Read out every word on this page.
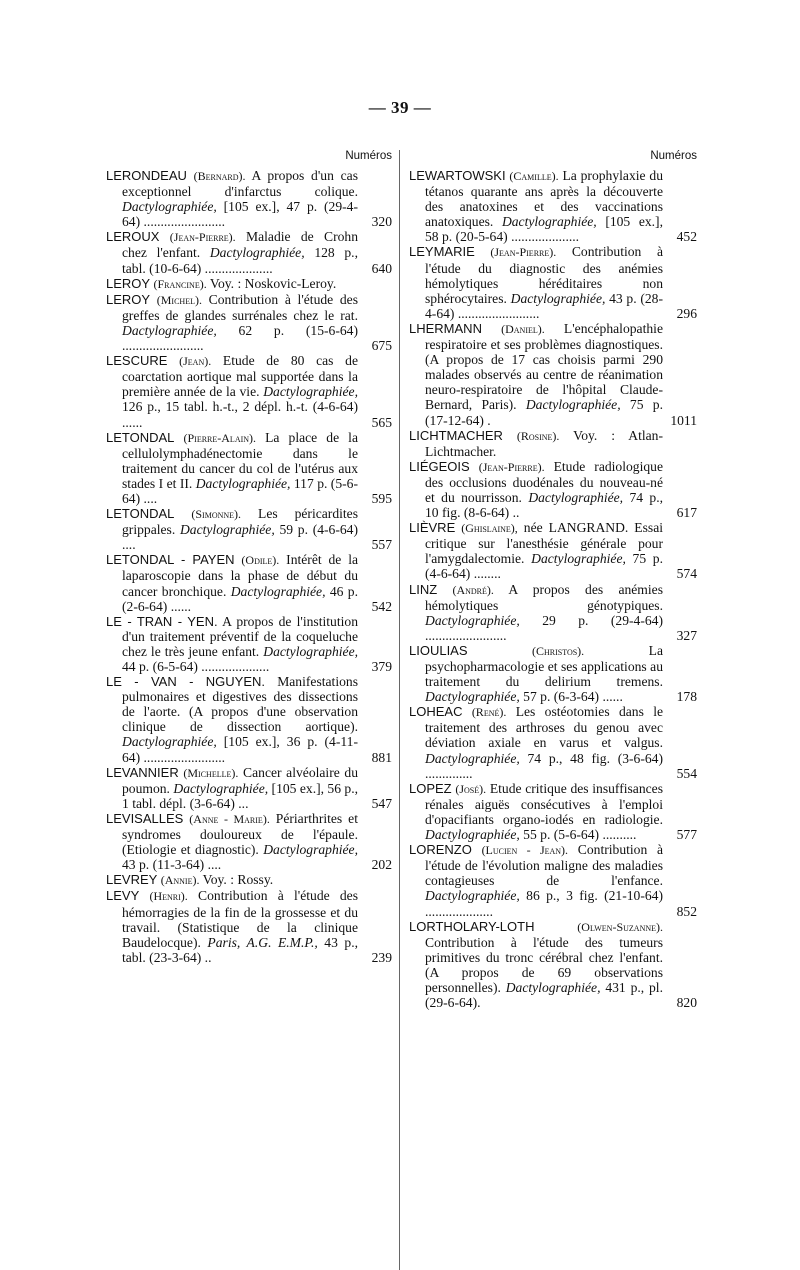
— 39 —
Numéros
LERONDEAU (Bernard). A propos d'un cas exceptionnel d'infarctus colique. Dactylographiée, [105 ex.], 47 p. (29-4-64) ........................	320
LEROUX (Jean-Pierre). Maladie de Crohn chez l'enfant. Dactylographiée, 128 p., tabl. (10-6-64) ....................	640
LEROY (Francine). Voy. : Noskovic-Leroy.
LEROY (Michel). Contribution à l'étude des greffes de glandes surrénales chez le rat. Dactylographiée, 62 p. (15-6-64) ........................	675
LESCURE (Jean). Etude de 80 cas de coarctation aortique mal supportée dans la première année de la vie. Dactylographiée, 126 p., 15 tabl. h.-t., 2 dépl. h.-t. (4-6-64) ......	565
LETONDAL (Pierre-Alain). La place de la cellulolymphadénectomie dans le traitement du cancer du col de l'utérus aux stades I et II. Dactylographiée, 117 p. (5-6-64) ....	595
LETONDAL (Simonne). Les péricardites grippales. Dactylographiée, 59 p. (4-6-64) ....	557
LETONDAL - PAYEN (Odile). Intérêt de la laparoscopie dans la phase de début du cancer bronchique. Dactylographiée, 46 p. (2-6-64) ......	542
LE - TRAN - YEN. A propos de l'institution d'un traitement préventif de la coqueluche chez le très jeune enfant. Dactylographiée, 44 p. (6-5-64) ....................	379
LE - VAN - NGUYEN. Manifestations pulmonaires et digestives des dissections de l'aorte. (A propos d'une observation clinique de dissection aortique). Dactylographiée, [105 ex.], 36 p. (4-11-64) ........................	881
LEVANNIER (Michelle). Cancer alvéolaire du poumon. Dactylographiée, [105 ex.], 56 p., 1 tabl. dépl. (3-6-64) ...	547
LEVISALLES (Anne - Marie). Périarthrites et syndromes douloureux de l'épaule. (Etiologie et diagnostic). Dactylographiée, 43 p. (11-3-64) ....	202
LEVREY (Annie). Voy. : Rossy.
LEVY (Henri). Contribution à l'étude des hémorragies de la fin de la grossesse et du travail. (Statistique de la clinique Baudelocque). Paris, A.G. E.M.P., 43 p., tabl. (23-3-64) ..	239
Numéros
LEWARTOWSKI (Camille). La prophylaxie du tétanos quarante ans après la découverte des anatoxines et des vaccinations anatoxiques. Dactylographiée, [105 ex.], 58 p. (20-5-64) ....................	452
LEYMARIE (Jean-Pierre). Contribution à l'étude du diagnostic des anémies hémolytiques héréditaires non sphérocytaires. Dactylographiée, 43 p. (28-4-64) ........................	296
LHERMANN (Daniel). L'encéphalopathie respiratoire et ses problèmes diagnostiques. (A propos de 17 cas choisis parmi 290 malades observés au centre de réanimation neuro-respiratoire de l'hôpital Claude-Bernard, Paris). Dactylographiée, 75 p. (17-12-64) .	1011
LICHTMACHER (Rosine). Voy. : Atlan-Lichtmacher.
LIÉGEOIS (Jean-Pierre). Etude radiologique des occlusions duodénales du nouveau-né et du nourrisson. Dactylographiée, 74 p., 10 fig. (8-6-64) ..	617
LIÈVRE (Ghislaine), née LANGRAND. Essai critique sur l'anesthésie générale pour l'amygdalectomie. Dactylographiée, 75 p. (4-6-64) ........	574
LINZ (André). A propos des anémies hémolytiques génotypiques. Dactylographiée, 29 p. (29-4-64) ........................	327
LIOULIAS	(Christos).	La psychopharmacologie et ses applications au traitement du delirium tremens. Dactylographiée, 57 p. (6-3-64) ......	178
LOHEAC (René). Les ostéotomies dans le traitement des arthroses du genou avec déviation axiale en varus et valgus. Dactylographiée, 74 p., 48 fig. (3-6-64) ..............	554
LOPEZ (José). Etude critique des insuffisances rénales aiguës consécutives à l'emploi d'opacifiants organo-iodés en radiologie. Dactylographiée, 55 p. (5-6-64) ..........	577
LORENZO (Lucien - Jean). Contribution à l'étude de l'évolution maligne des maladies contagieuses de l'enfance. Dactylographiée, 86 p., 3 fig. (21-10-64) ....................	852
LORTHOLARY-LOTH	(Olwen-Suzanne). Contribution à l'étude des tumeurs primitives du tronc cérébral chez l'enfant. (A propos de 69 observations personnelles). Dactylographiée, 431 p., pl. (29-6-64).	820
